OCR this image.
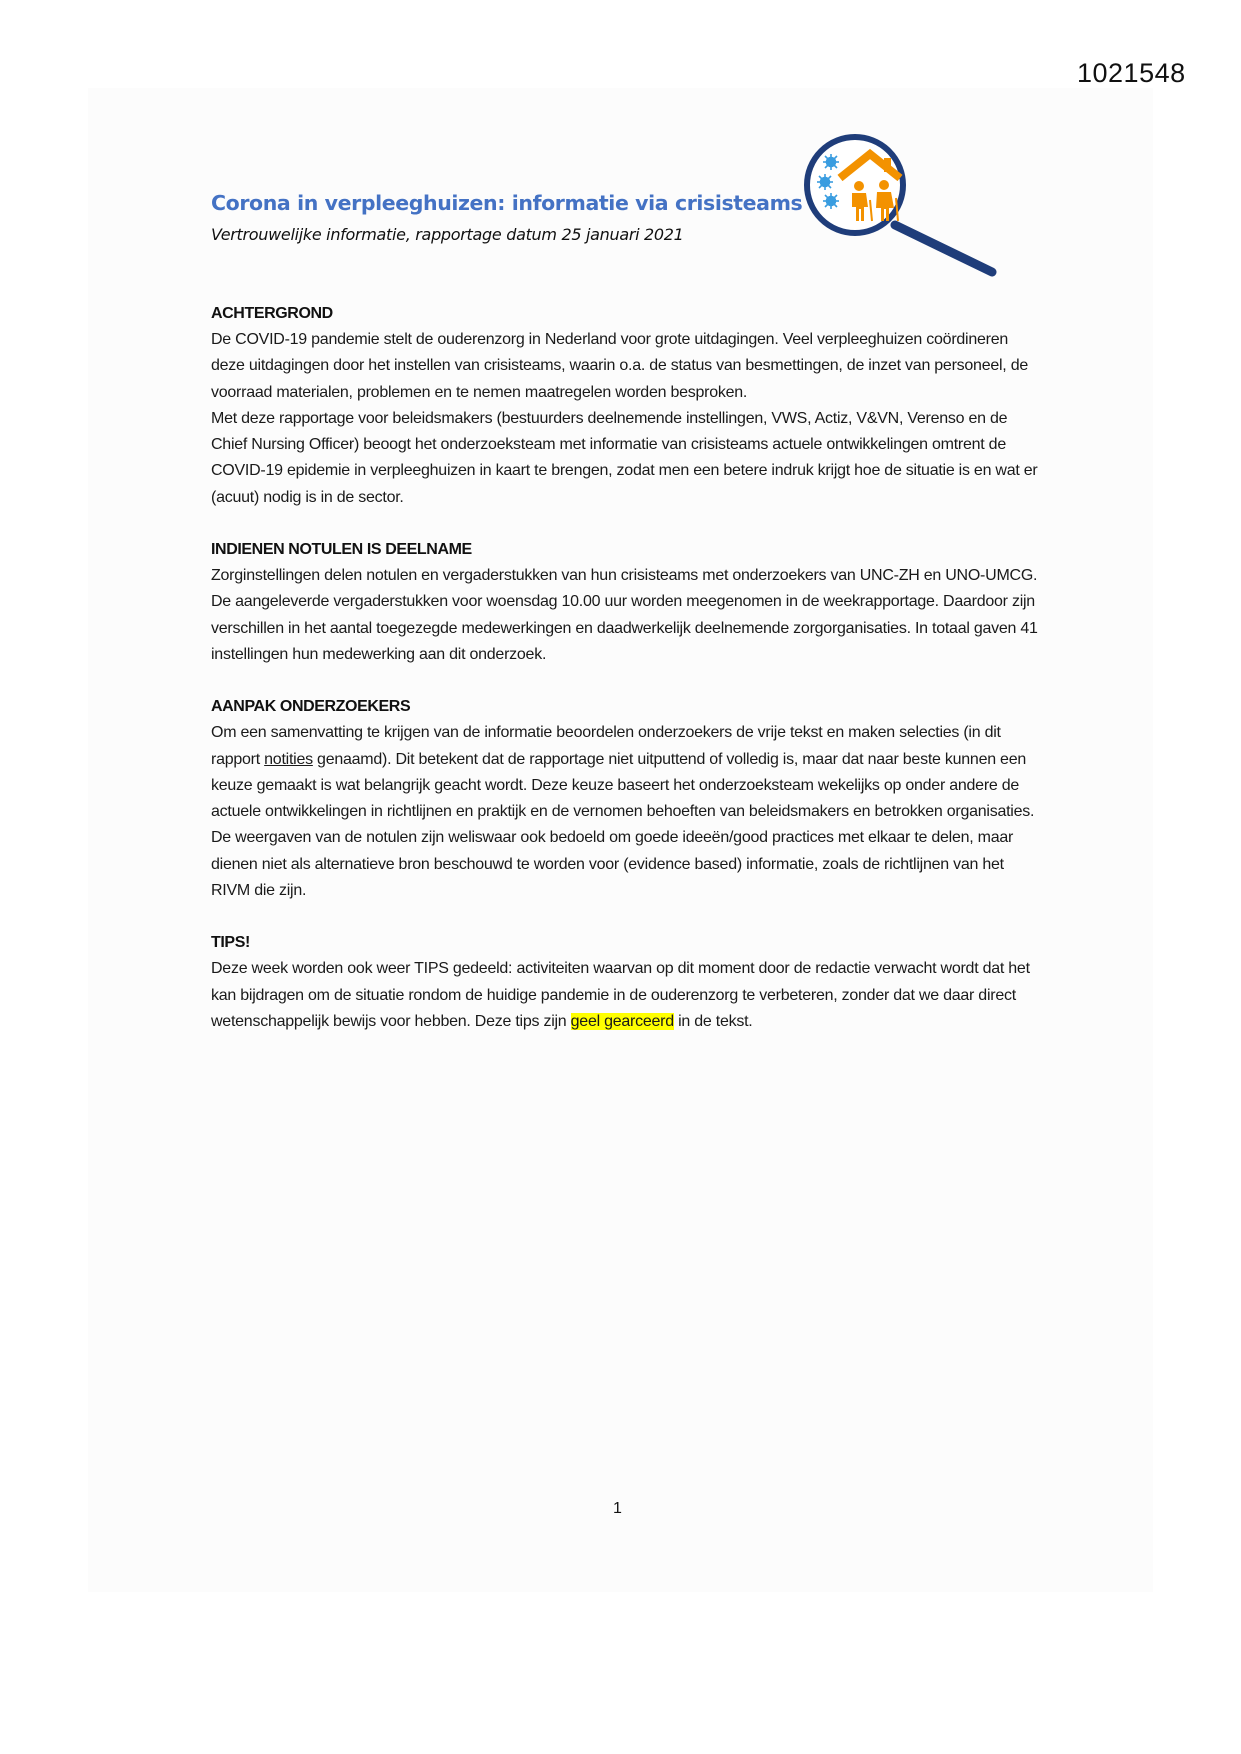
1021548
Corona in verpleeghuizen: informatie via crisisteams
Vertrouwelijke informatie, rapportage datum 25 januari 2021
ACHTERGROND

De COVID-19 pandemie stelt de ouderenzorg in Nederland voor grote uitdagingen. Veel verpleeghuizen coördineren deze uitdagingen door het instellen van crisisteams, waarin o.a. de status van besmettingen, de inzet van personeel, de voorraad materialen, problemen en te nemen maatregelen worden besproken.

Met deze rapportage voor beleidsmakers (bestuurders deelnemende instellingen, VWS, Actiz, V&VN, Verenso en de Chief Nursing Officer) beoogt het onderzoeksteam met informatie van crisisteams actuele ontwikkelingen omtrent de COVID-19 epidemie in verpleeghuizen in kaart te brengen, zodat men een betere indruk krijgt hoe de situatie is en wat er (acuut) nodig is in de sector.

INDIENEN NOTULEN IS DEELNAME

Zorginstellingen delen notulen en vergaderstukken van hun crisisteams met onderzoekers van UNC-ZH en UNO-UMCG. De aangeleverde vergaderstukken voor woensdag 10.00 uur worden meegenomen in de weekrapportage. Daardoor zijn verschillen in het aantal toegezegde medewerkingen en daadwerkelijk deelnemende zorgorganisaties. In totaal gaven 41 instellingen hun medewerking aan dit onderzoek.

AANPAK ONDERZOEKERS

Om een samenvatting te krijgen van de informatie beoordelen onderzoekers de vrije tekst en maken selecties (in dit rapport notities genaamd). Dit betekent dat de rapportage niet uitputtend of volledig is, maar dat naar beste kunnen een keuze gemaakt is wat belangrijk geacht wordt. Deze keuze baseert het onderzoeksteam wekelijks op onder andere de actuele ontwikkelingen in richtlijnen en praktijk en de vernomen behoeften van beleidsmakers en betrokken organisaties. De weergaven van de notulen zijn weliswaar ook bedoeld om goede ideeën/good practices met elkaar te delen, maar dienen niet als alternatieve bron beschouwd te worden voor (evidence based) informatie, zoals de richtlijnen van het RIVM die zijn.

TIPS!

Deze week worden ook weer TIPS gedeeld: activiteiten waarvan op dit moment door de redactie verwacht wordt dat het kan bijdragen om de situatie rondom de huidige pandemie in de ouderenzorg te verbeteren, zonder dat we daar direct wetenschappelijk bewijs voor hebben. Deze tips zijn geel gearceerd in de tekst.

1
